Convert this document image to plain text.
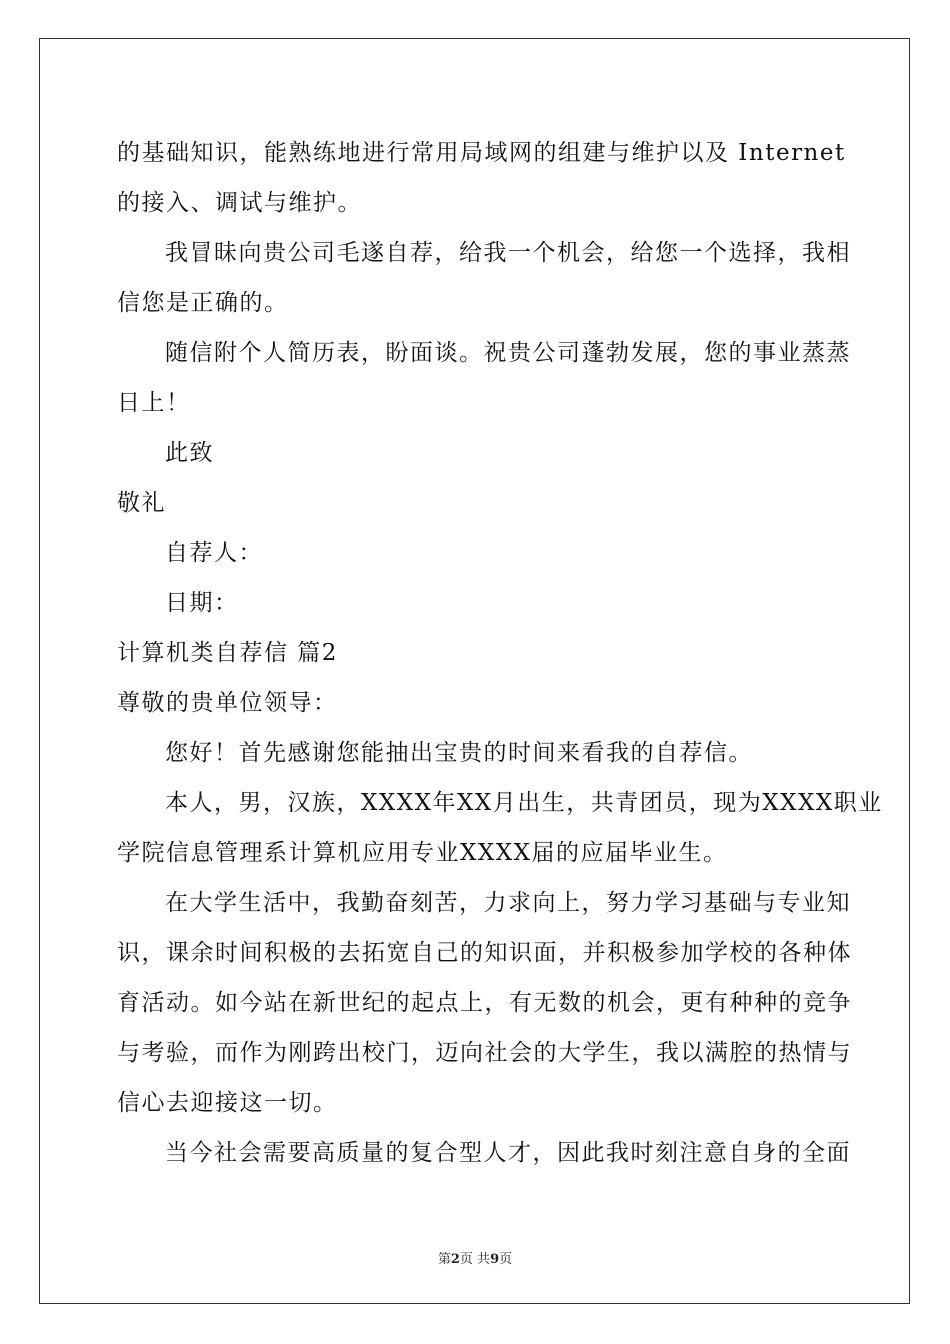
的基础知识，能熟练地进行常用局域网的组建与维护以及 Internet
的接入、调试与维护。
我冒昧向贵公司毛遂自荐，给我一个机会，给您一个选择，我相
信您是正确的。
随信附个人简历表，盼面谈。祝贵公司蓬勃发展，您的事业蒸蒸
日上！
此致
敬礼
自荐人：
日期：
计算机类自荐信 篇2
尊敬的贵单位领导：
您好！首先感谢您能抽出宝贵的时间来看我的自荐信。
本人，男，汉族，XXXX年XX月出生，共青团员，现为XXXX职业
学院信息管理系计算机应用专业XXXX届的应届毕业生。
在大学生活中，我勤奋刻苦，力求向上，努力学习基础与专业知
识，课余时间积极的去拓宽自己的知识面，并积极参加学校的各种体
育活动。如今站在新世纪的起点上，有无数的机会，更有种种的竞争
与考验，而作为刚跨出校门，迈向社会的大学生，我以满腔的热情与
信心去迎接这一切。
当今社会需要高质量的复合型人才，因此我时刻注意自身的全面
第2页 共9页
